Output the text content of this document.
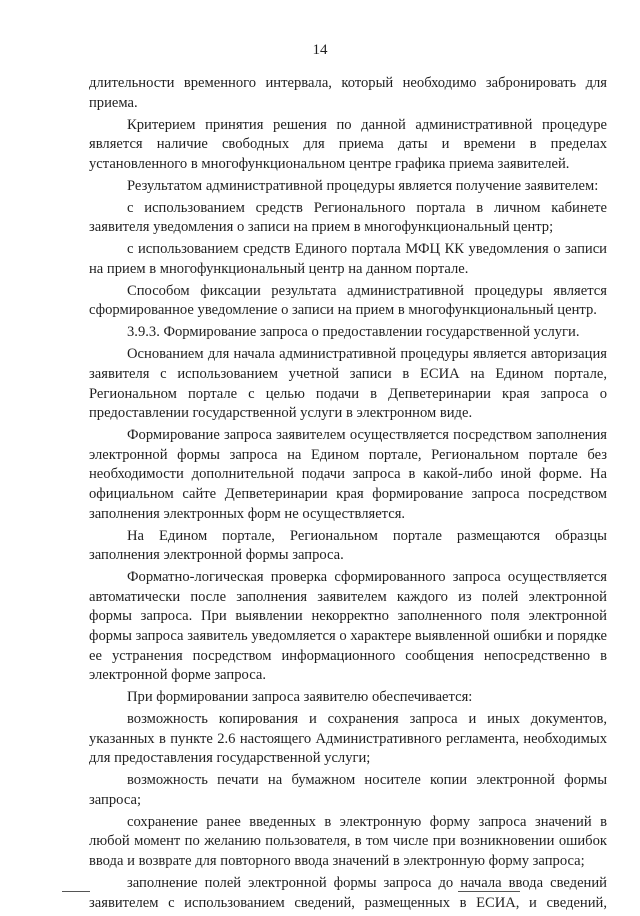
14

длительности временного интервала, который необходимо забронировать для приема.

Критерием принятия решения по данной административной процедуре является наличие свободных для приема даты и времени в пределах установленного в многофункциональном центре графика приема заявителей.

Результатом административной процедуры является получение заявителем:

с использованием средств Регионального портала в личном кабинете заявителя уведомления о записи на прием в многофункциональный центр;

с использованием средств Единого портала МФЦ КК уведомления о записи на прием в многофункциональный центр на данном портале.

Способом фиксации результата административной процедуры является сформированное уведомление о записи на прием в многофункциональный центр.

3.9.3. Формирование запроса о предоставлении государственной услуги.

Основанием для начала административной процедуры является авторизация заявителя с использованием учетной записи в ЕСИА на Едином портале, Региональном портале с целью подачи в Депветеринарии края запроса о предоставлении государственной услуги в электронном виде.

Формирование запроса заявителем осуществляется посредством заполнения электронной формы запроса на Едином портале, Региональном портале без необходимости дополнительной подачи запроса в какой-либо иной форме. На официальном сайте Депветеринарии края формирование запроса посредством заполнения электронных форм не осуществляется.

На Едином портале, Региональном портале размещаются образцы заполнения электронной формы запроса.

Форматно-логическая проверка сформированного запроса осуществляется автоматически после заполнения заявителем каждого из полей электронной формы запроса. При выявлении некорректно заполненного поля электронной формы запроса заявитель уведомляется о характере выявленной ошибки и порядке ее устранения посредством информационного сообщения непосредственно в электронной форме запроса.

При формировании запроса заявителю обеспечивается:

возможность копирования и сохранения запроса и иных документов, указанных в пункте 2.6 настоящего Административного регламента, необходимых для предоставления государственной услуги;

возможность печати на бумажном носителе копии электронной формы запроса;

сохранение ранее введенных в электронную форму запроса значений в любой момент по желанию пользователя, в том числе при возникновении ошибок ввода и возврате для повторного ввода значений в электронную форму запроса;

заполнение полей электронной формы запроса до начала ввода сведений заявителем с использованием сведений, размещенных в ЕСИА, и сведений,
